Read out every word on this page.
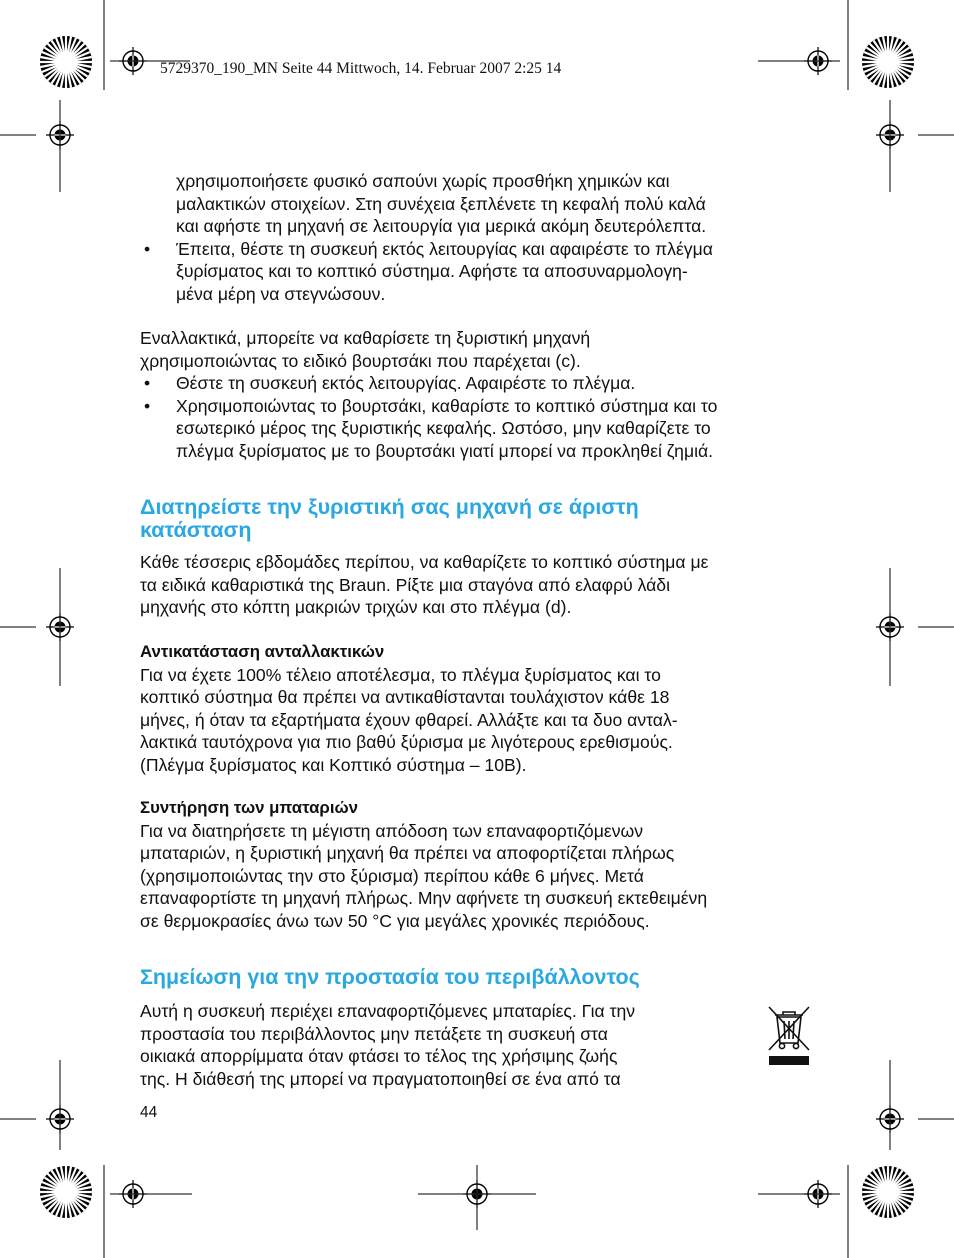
5729370_190_MN Seite 44 Mittwoch, 14. Februar 2007 2:25 14

χρησιμοποιήσετε φυσικό σαπούνι χωρίς προσθήκη χημικών και

μαλακτικών στοιχείων. Στη συνέχεια ξεπλένετε τη κεφαλή πολύ καλά

και αφήστε τη μηχανή σε λειτουργία για μερικά ακόμη δευτερόλεπτα.

• Έπειτα, θέστε τη συσκευή εκτός λειτουργίας και αφαιρέστε το πλέγμα

ξυρίσματος και το κοπτικό σύστημα. Αφήστε τα αποσυναρμολογη-

μένα μέρη να στεγνώσουν.

Εναλλακτικά, μπορείτε να καθαρίσετε τη ξυριστική μηχανή

χρησιμοποιώντας το ειδικό βουρτσάκι που παρέχεται (c).

• Θέστε τη συσκευή εκτός λειτουργίας. Αφαιρέστε το πλέγμα.

• Χρησιμοποιώντας το βουρτσάκι, καθαρίστε το κοπτικό σύστημα και το

εσωτερικό μέρος της ξυριστικής κεφαλής. Ωστόσο, μην καθαρίζετε το

πλέγμα ξυρίσματος με το βουρτσάκι γιατί μπορεί να προκληθεί ζημιά.

Διατηρείστε την ξυριστική σας μηχανή σε άριστη
κατάσταση

Κάθε τέσσερις εβδομάδες περίπου, να καθαρίζετε το κοπτικό σύστημα με

τα ειδικά καθαριστικά της Braun. Ρίξτε μια σταγόνα από ελαφρύ λάδι

μηχανής στο κόπτη μακριών τριχών και στο πλέγμα (d).

Αντικατάσταση ανταλλακτικών

Για να έχετε 100% τέλειο αποτέλεσμα, το πλέγμα ξυρίσματος και το

κοπτικό σύστημα θα πρέπει να αντικαθίστανται τουλάχιστον κάθε 18

μήνες, ή όταν τα εξαρτήματα έχουν φθαρεί. Αλλάξτε και τα δυο ανταλ-

λακτικά ταυτόχρονα για πιο βαθύ ξύρισμα με λιγότερους ερεθισμούς.

(Πλέγμα ξυρίσματος και Κοπτικό σύστημα – 10B).

Συντήρηση των μπαταριών

Για να διατηρήσετε τη μέγιστη απόδοση των επαναφορτιζόμενων

μπαταριών, η ξυριστική μηχανή θα πρέπει να αποφορτίζεται πλήρως

(χρησιμοποιώντας την στο ξύρισμα) περίπου κάθε 6 μήνες. Μετά

επαναφορτίστε τη μηχανή πλήρως. Μην αφήνετε τη συσκευή εκτεθειμένη

σε θερμοκρασίες άνω των 50 °C για μεγάλες χρονικές περιόδους.

Σημείωση για την προστασία του περιβάλλοντος

Αυτή η συσκευή περιέχει επαναφορτιζόμενες μπαταρίες. Για την

προστασία του περιβάλλοντος μην πετάξετε τη συσκευή στα

οικιακά απορρίμματα όταν φτάσει το τέλος της χρήσιμης ζωής

της. Η διάθεσή της μπορεί να πραγματοποιηθεί σε ένα από τα

44
